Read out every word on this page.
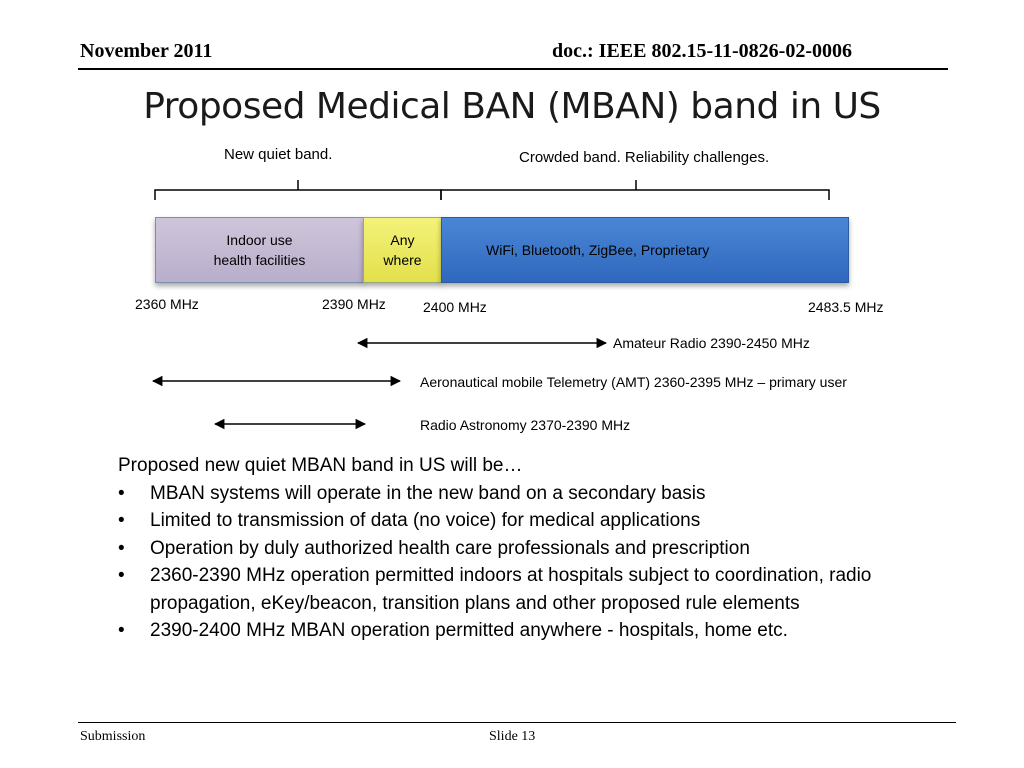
November 2011	doc.: IEEE 802.15-11-0826-02-0006
Proposed Medical BAN (MBAN) band in US
New quiet band.	Crowded band. Reliability challenges.
Indoor use
health facilities
Any
where
WiFi, Bluetooth, ZigBee, Proprietary
2360 MHz	2390 MHz	2400 MHz	2483.5 MHz
Amateur Radio 2390-2450 MHz
Aeronautical mobile Telemetry (AMT) 2360-2395 MHz – primary user
Radio Astronomy 2370-2390 MHz
Proposed new quiet MBAN band in US will be…
• MBAN systems will operate in the new band on a secondary basis
• Limited to transmission of data (no voice) for medical applications
• Operation by duly authorized health care professionals and prescription
• 2360-2390 MHz operation permitted indoors at hospitals subject to coordination, radio propagation, eKey/beacon, transition plans and other proposed rule elements
• 2390-2400 MHz MBAN operation permitted anywhere - hospitals, home etc.
Submission	Slide 13
